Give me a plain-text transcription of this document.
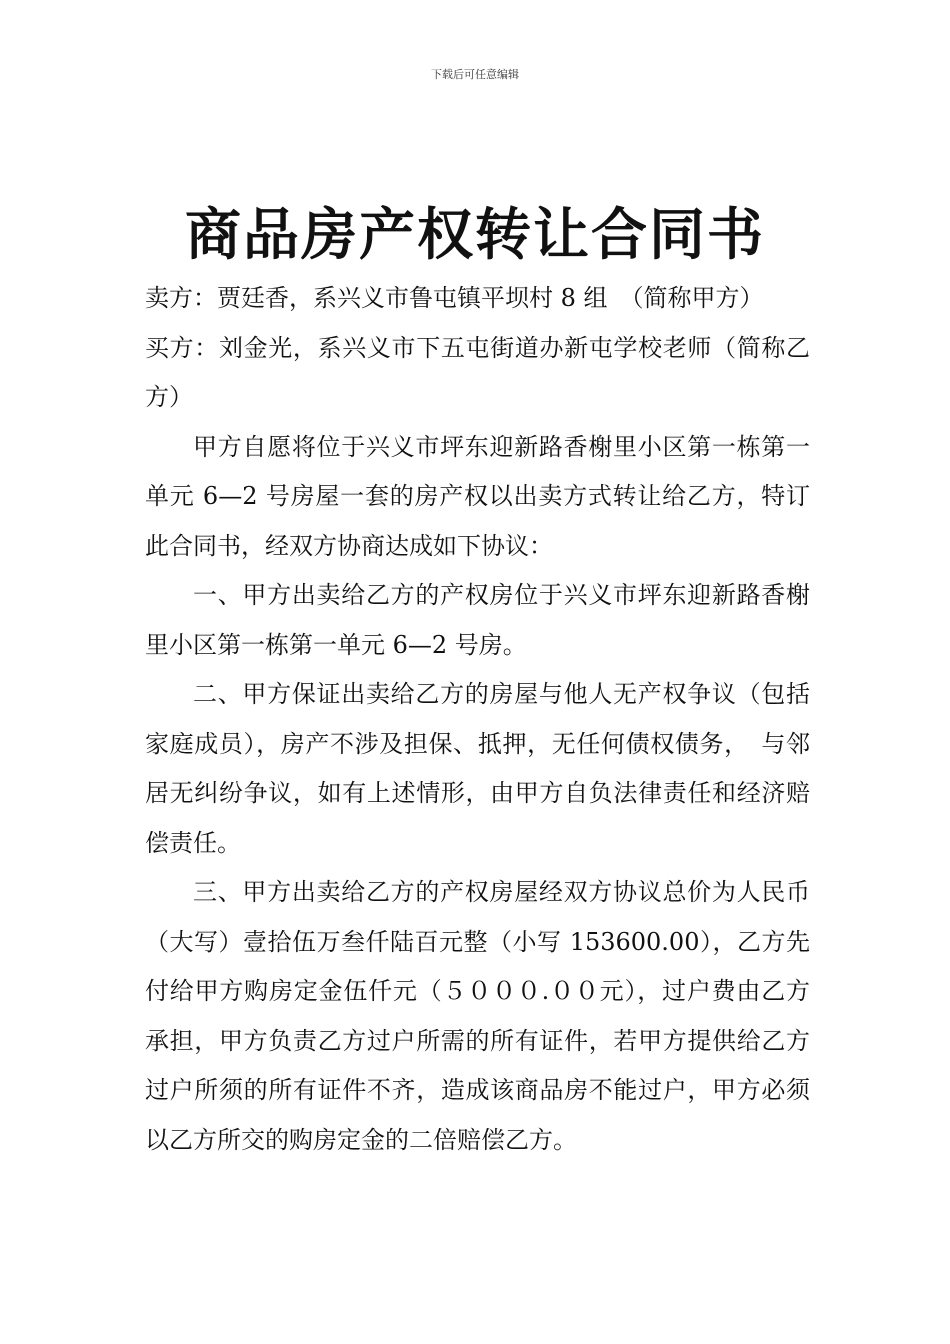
下载后可任意编辑
商品房产权转让合同书

卖方：贾廷香，系兴义市鲁屯镇平坝村 8 组　（简称甲方）

买方：刘金光，系兴义市下五屯街道办新屯学校老师（简称乙方）

甲方自愿将位于兴义市坪东迎新路香榭里小区第一栋第一单元 6—2 号房屋一套的房产权以出卖方式转让给乙方，特订此合同书，经双方协商达成如下协议：

一、甲方出卖给乙方的产权房位于兴义市坪东迎新路香榭里小区第一栋第一单元 6—2 号房。

二、甲方保证出卖给乙方的房屋与他人无产权争议（包括家庭成员），房产不涉及担保、抵押，无任何债权债务，　与邻居无纠纷争议，如有上述情形，由甲方自负法律责任和经济赔偿责任。

三、甲方出卖给乙方的产权房屋经双方协议总价为人民币（大写）壹拾伍万叁仟陆百元整（小写 153600.00），乙方先付给甲方购房定金伍仟元（５０００.００元），过户费由乙方承担，甲方负责乙方过户所需的所有证件，若甲方提供给乙方过户所须的所有证件不齐，造成该商品房不能过户，甲方必须以乙方所交的购房定金的二倍赔偿乙方。
